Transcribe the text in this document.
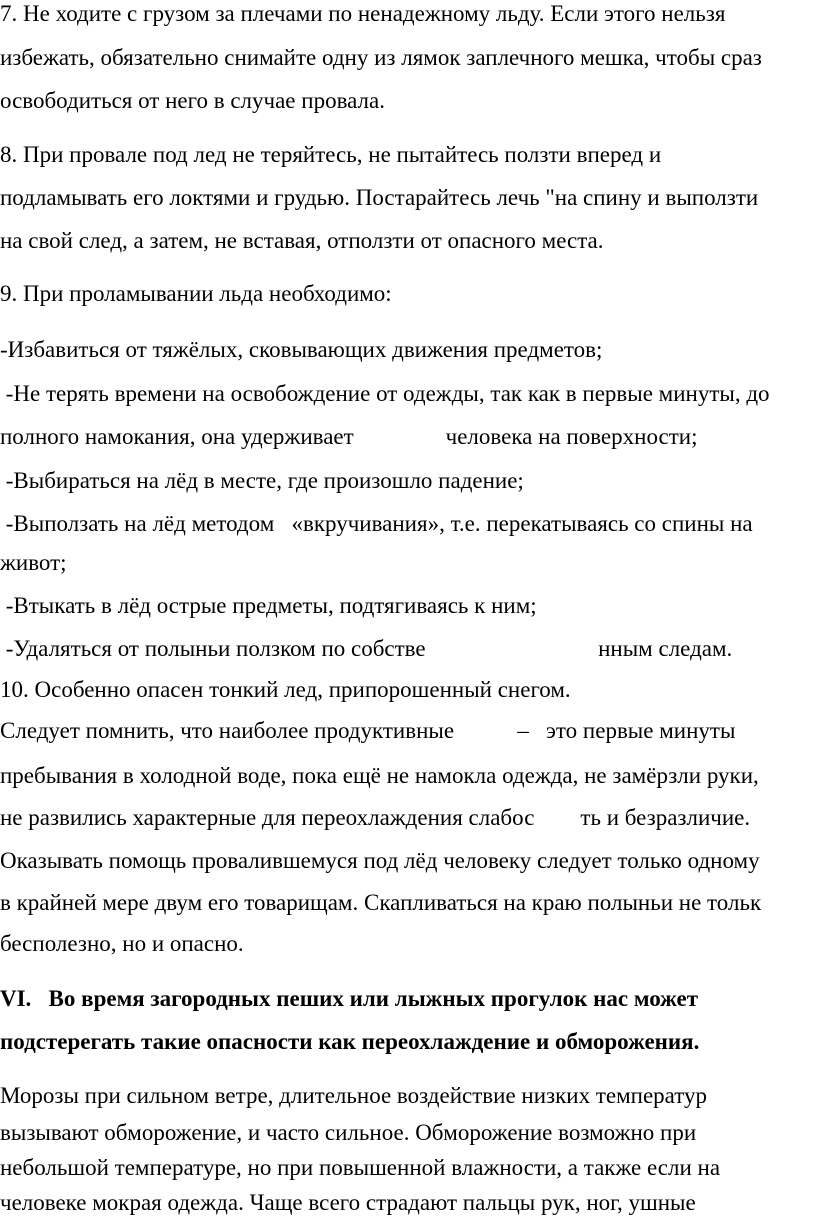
7. Не ходите с грузом за плечами по ненадежному льду. Если этого нельзя
избежать, обязательно снимайте одну из лямок заплечного мешка, чтобы сраз
освободиться от него в случае провала.
8. При провале под лед не теряйтесь, не пытайтесь ползти вперед и
подламывать его локтями и грудью. Постарайтесь лечь "на спину и выползти
на свой след, а затем, не вставая, отползти от опасного места.
9. При проламывании льда необходимо:
-Избавиться от тяжёлых, сковывающих движения предметов;
-Не терять времени на освобождение от одежды, так как в первые минуты, до
полного намокания, она удерживает                человека на поверхности;
-Выбираться на лёд в месте, где произошло падение;
-Выползать на лёд методом   «вкручивания», т.е. перекатываясь со спины на
живот;
-Втыкать в лёд острые предметы, подтягиваясь к ним;
-Удаляться от полыньи ползком по собстве                              нным следам.
10. Особенно опасен тонкий лед, припорошенный снегом.
Следует помнить, что наиболее продуктивные           –   это первые минуты
пребывания в холодной воде, пока ещё не намокла одежда, не замёрзли руки,
не развились характерные для переохлаждения слабос        ть и безразличие.
Оказывать помощь провалившемуся под лёд человеку следует только одному
в крайней мере двум его товарищам. Скапливаться на краю полыньи не тольк
бесполезно, но и опасно.
VI.   Во время загородных пеших или лыжных прогулок нас может
подстерегать такие опасности как переохлаждение и обморожения.
Морозы при сильном ветре, длительное воздействие низких температур
вызывают обморожение, и часто сильное. Обморожение возможно при
небольшой температуре, но при повышенной влажности, а также если на
человеке мокрая одежда. Чаще всего страдают пальцы рук, ног, ушные
